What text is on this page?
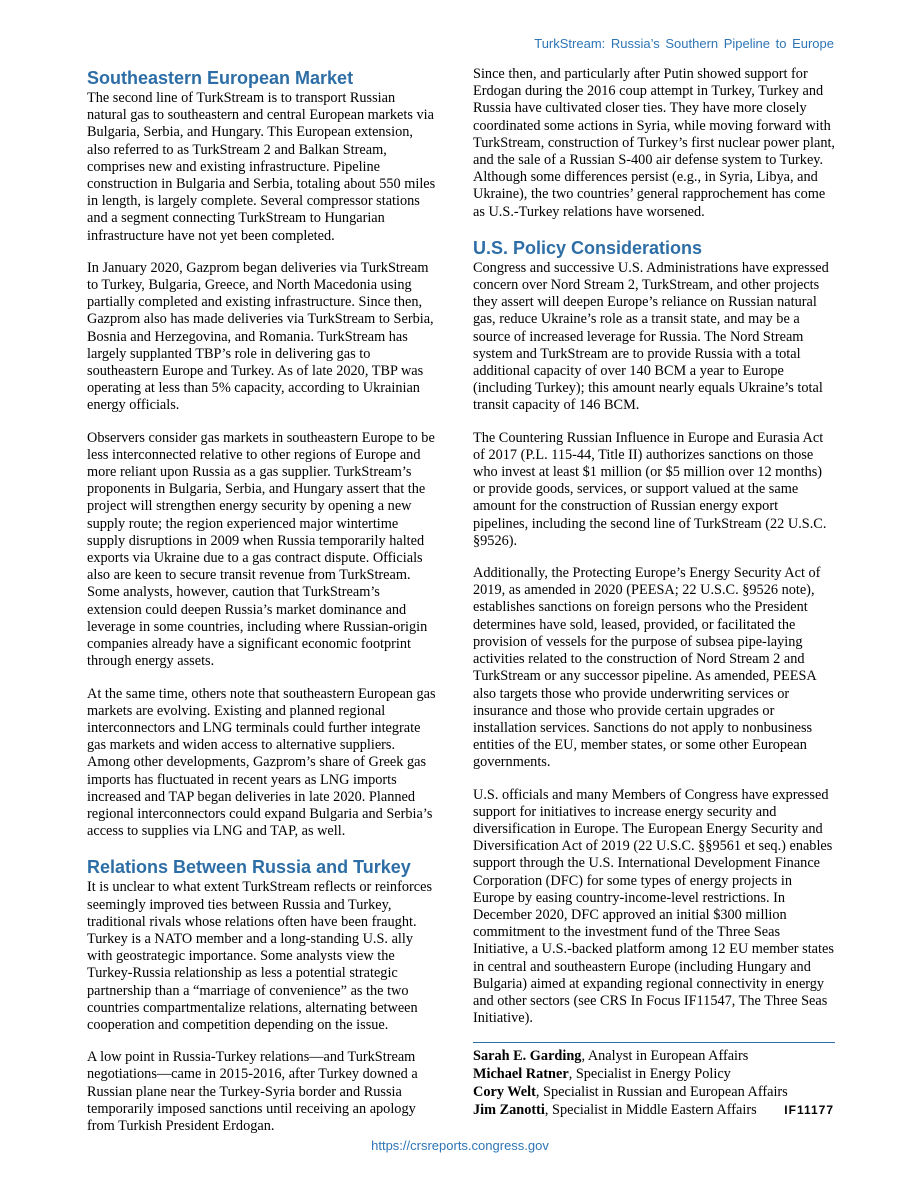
TurkStream: Russia’s Southern Pipeline to Europe
Southeastern European Market

The second line of TurkStream is to transport Russian natural gas to southeastern and central European markets via Bulgaria, Serbia, and Hungary. This European extension, also referred to as TurkStream 2 and Balkan Stream, comprises new and existing infrastructure. Pipeline construction in Bulgaria and Serbia, totaling about 550 miles in length, is largely complete. Several compressor stations and a segment connecting TurkStream to Hungarian infrastructure have not yet been completed.

In January 2020, Gazprom began deliveries via TurkStream to Turkey, Bulgaria, Greece, and North Macedonia using partially completed and existing infrastructure. Since then, Gazprom also has made deliveries via TurkStream to Serbia, Bosnia and Herzegovina, and Romania. TurkStream has largely supplanted TBP’s role in delivering gas to southeastern Europe and Turkey. As of late 2020, TBP was operating at less than 5% capacity, according to Ukrainian energy officials.

Observers consider gas markets in southeastern Europe to be less interconnected relative to other regions of Europe and more reliant upon Russia as a gas supplier. TurkStream’s proponents in Bulgaria, Serbia, and Hungary assert that the project will strengthen energy security by opening a new supply route; the region experienced major wintertime supply disruptions in 2009 when Russia temporarily halted exports via Ukraine due to a gas contract dispute. Officials also are keen to secure transit revenue from TurkStream. Some analysts, however, caution that TurkStream’s extension could deepen Russia’s market dominance and leverage in some countries, including where Russian-origin companies already have a significant economic footprint through energy assets.

At the same time, others note that southeastern European gas markets are evolving. Existing and planned regional interconnectors and LNG terminals could further integrate gas markets and widen access to alternative suppliers. Among other developments, Gazprom’s share of Greek gas imports has fluctuated in recent years as LNG imports increased and TAP began deliveries in late 2020. Planned regional interconnectors could expand Bulgaria and Serbia’s access to supplies via LNG and TAP, as well.

Relations Between Russia and Turkey

It is unclear to what extent TurkStream reflects or reinforces seemingly improved ties between Russia and Turkey, traditional rivals whose relations often have been fraught. Turkey is a NATO member and a long-standing U.S. ally with geostrategic importance. Some analysts view the Turkey-Russia relationship as less a potential strategic partnership than a “marriage of convenience” as the two countries compartmentalize relations, alternating between cooperation and competition depending on the issue.

A low point in Russia-Turkey relations—and TurkStream negotiations—came in 2015-2016, after Turkey downed a Russian plane near the Turkey-Syria border and Russia temporarily imposed sanctions until receiving an apology from Turkish President Erdogan.

Since then, and particularly after Putin showed support for Erdogan during the 2016 coup attempt in Turkey, Turkey and Russia have cultivated closer ties. They have more closely coordinated some actions in Syria, while moving forward with TurkStream, construction of Turkey’s first nuclear power plant, and the sale of a Russian S-400 air defense system to Turkey. Although some differences persist (e.g., in Syria, Libya, and Ukraine), the two countries’ general rapprochement has come as U.S.-Turkey relations have worsened.

U.S. Policy Considerations

Congress and successive U.S. Administrations have expressed concern over Nord Stream 2, TurkStream, and other projects they assert will deepen Europe’s reliance on Russian natural gas, reduce Ukraine’s role as a transit state, and may be a source of increased leverage for Russia. The Nord Stream system and TurkStream are to provide Russia with a total additional capacity of over 140 BCM a year to Europe (including Turkey); this amount nearly equals Ukraine’s total transit capacity of 146 BCM.

The Countering Russian Influence in Europe and Eurasia Act of 2017 (P.L. 115-44, Title II) authorizes sanctions on those who invest at least $1 million (or $5 million over 12 months) or provide goods, services, or support valued at the same amount for the construction of Russian energy export pipelines, including the second line of TurkStream (22 U.S.C. §9526).

Additionally, the Protecting Europe’s Energy Security Act of 2019, as amended in 2020 (PEESA; 22 U.S.C. §9526 note), establishes sanctions on foreign persons who the President determines have sold, leased, provided, or facilitated the provision of vessels for the purpose of subsea pipe-laying activities related to the construction of Nord Stream 2 and TurkStream or any successor pipeline. As amended, PEESA also targets those who provide underwriting services or insurance and those who provide certain upgrades or installation services. Sanctions do not apply to nonbusiness entities of the EU, member states, or some other European governments.

U.S. officials and many Members of Congress have expressed support for initiatives to increase energy security and diversification in Europe. The European Energy Security and Diversification Act of 2019 (22 U.S.C. §§9561 et seq.) enables support through the U.S. International Development Finance Corporation (DFC) for some types of energy projects in Europe by easing country-income-level restrictions. In December 2020, DFC approved an initial $300 million commitment to the investment fund of the Three Seas Initiative, a U.S.-backed platform among 12 EU member states in central and southeastern Europe (including Hungary and Bulgaria) aimed at expanding regional connectivity in energy and other sectors (see CRS In Focus IF11547, The Three Seas Initiative).

Sarah E. Garding, Analyst in European Affairs

Michael Ratner, Specialist in Energy Policy

Cory Welt, Specialist in Russian and European Affairs

Jim Zanotti, Specialist in Middle Eastern Affairs	IF11177
https://crsreports.congress.gov
